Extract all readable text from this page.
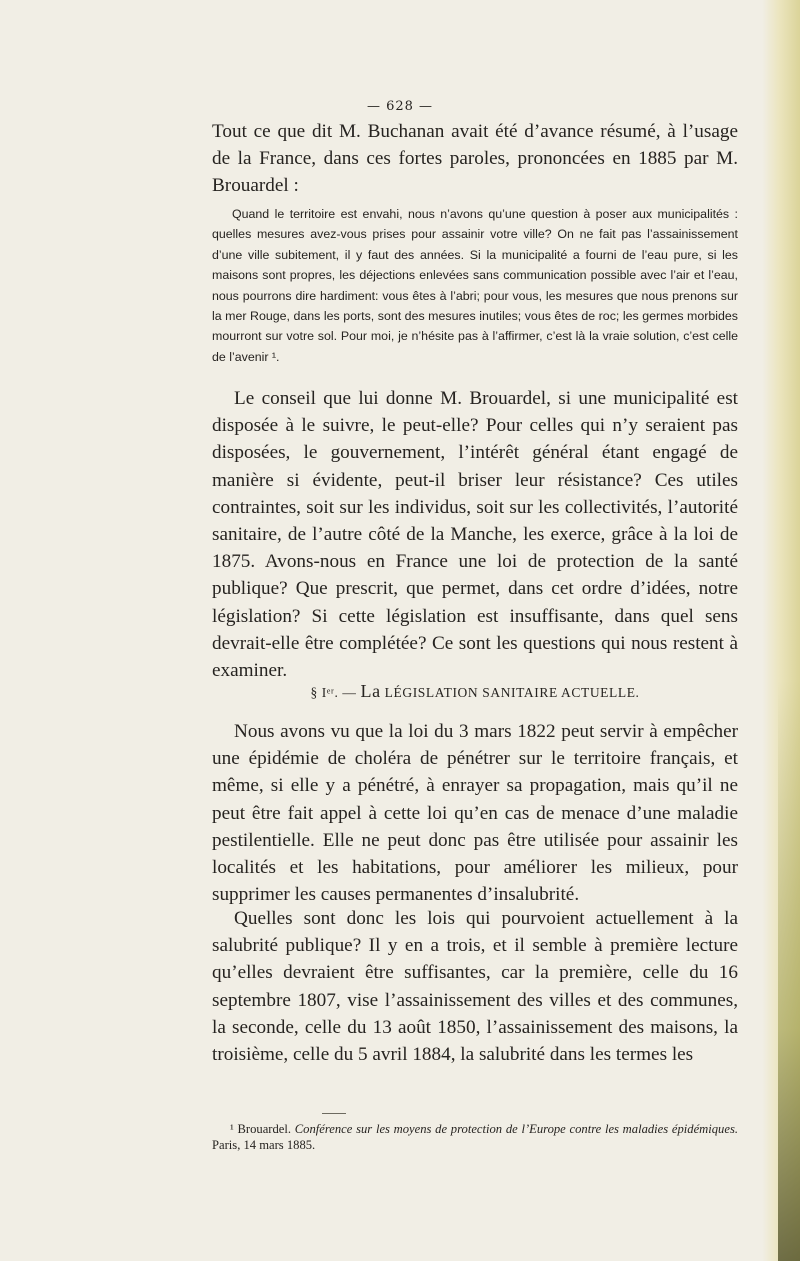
— 628 —

Tout ce que dit M. Buchanan avait été d’avance résumé, à l’usage de la France, dans ces fortes paroles, prononcées en 1885 par M. Brouardel :

Quand le territoire est envahi, nous n’avons qu’une question à poser aux municipalités : quelles mesures avez-vous prises pour assainir votre ville? On ne fait pas l’assainissement d’une ville subitement, il y faut des années. Si la municipalité a fourni de l’eau pure, si les maisons sont propres, les déjections enlevées sans communication possible avec l’air et l’eau, nous pourrons dire hardiment: vous êtes à l’abri; pour vous, les mesures que nous prenons sur la mer Rouge, dans les ports, sont des mesures inutiles; vous êtes de roc; les germes morbides mourront sur votre sol. Pour moi, je n’hésite pas à l’affirmer, c’est là la vraie solution, c’est celle de l’avenir ¹.

Le conseil que lui donne M. Brouardel, si une municipalité est disposée à le suivre, le peut-elle? Pour celles qui n’y seraient pas disposées, le gouvernement, l’intérêt général étant engagé de manière si évidente, peut-il briser leur résistance? Ces utiles contraintes, soit sur les individus, soit sur les collectivités, l’autorité sanitaire, de l’autre côté de la Manche, les exerce, grâce à la loi de 1875. Avons-nous en France une loi de protection de la santé publique? Que prescrit, que permet, dans cet ordre d’idées, notre législation? Si cette législation est insuffisante, dans quel sens devrait-elle être complétée? Ce sont les questions qui nous restent à examiner.

§ Iᵉʳ. — La LÉGISLATION SANITAIRE ACTUELLE.

Nous avons vu que la loi du 3 mars 1822 peut servir à empêcher une épidémie de choléra de pénétrer sur le territoire français, et même, si elle y a pénétré, à enrayer sa propagation, mais qu’il ne peut être fait appel à cette loi qu’en cas de menace d’une maladie pestilentielle. Elle ne peut donc pas être utilisée pour assainir les localités et les habitations, pour améliorer les milieux, pour supprimer les causes permanentes d’insalubrité.

Quelles sont donc les lois qui pourvoient actuellement à la salubrité publique? Il y en a trois, et il semble à première lecture qu’elles devraient être suffisantes, car la première, celle du 16 septembre 1807, vise l’assainissement des villes et des communes, la seconde, celle du 13 août 1850, l’assainissement des maisons, la troisième, celle du 5 avril 1884, la salubrité dans les termes les

¹ Brouardel. Conférence sur les moyens de protection de l’Europe contre les maladies épidémiques. Paris, 14 mars 1885.
